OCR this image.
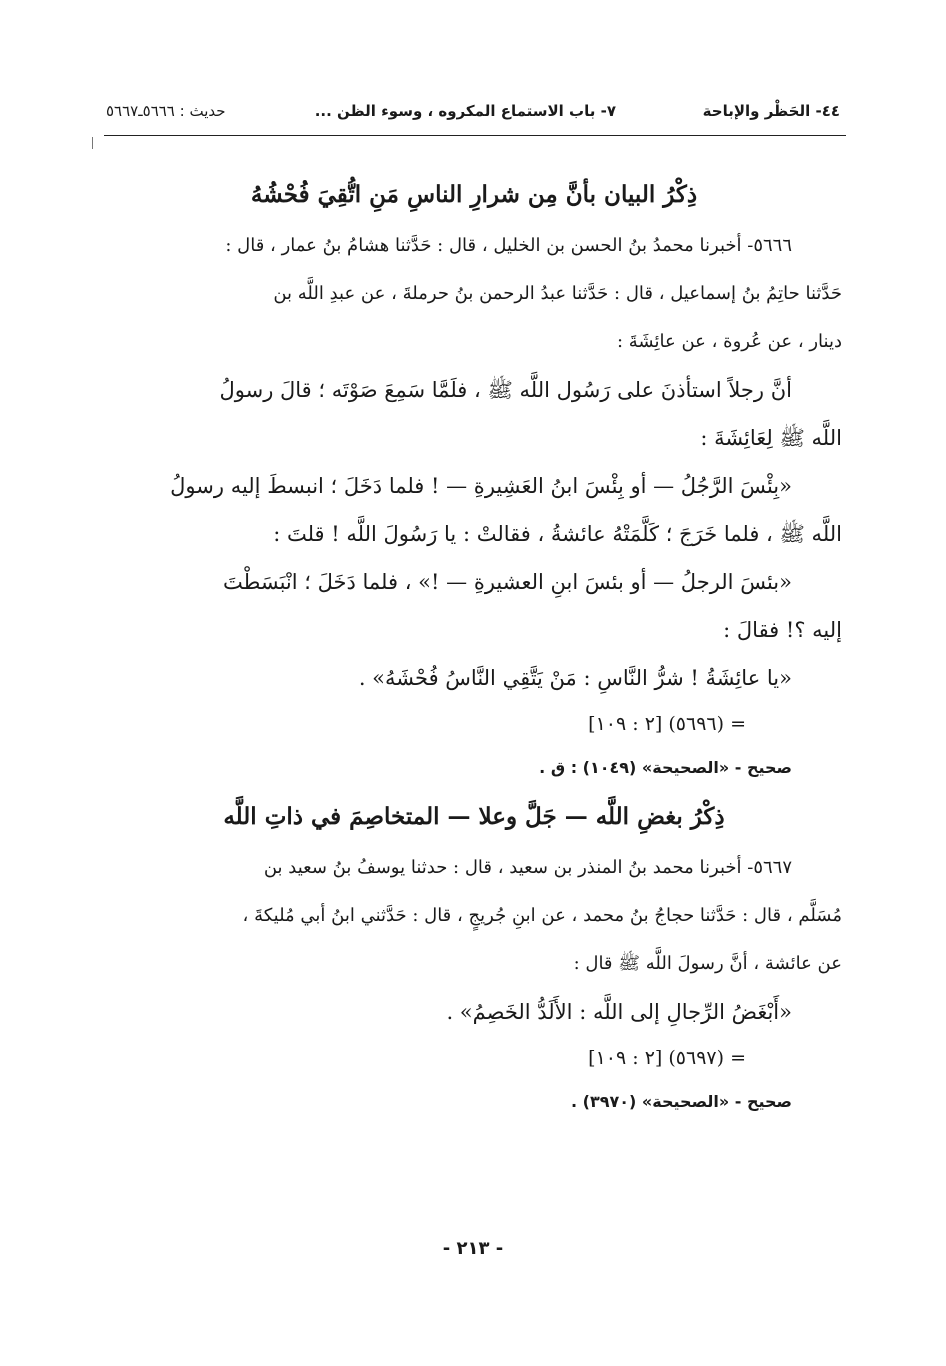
٤٤- الحَظْر والإباحة
٧- باب الاستماع المكروه ، وسوء الظن ...
حديث : ٥٦٦٦ـ٥٦٦٧
ذِكْرُ البيان بأنَّ مِن شرارِ الناسِ مَنِ اتُّقِيَ فُحْشُهُ
٥٦٦٦- أخبرنا محمدُ بنُ الحسن بن الخليل ، قال : حَدَّثنا هشامُ بنُ عمار ، قال :
حَدَّثنا حاتِمُ بنُ إسماعيل ، قال : حَدَّثنا عبدُ الرحمن بنُ حرملةَ ، عن عبدِ اللَّه بن
دينار ، عن عُروة ، عن عائِشَةَ :
أنَّ رجلاً استأذنَ على رَسُول اللَّه ﷺ ، فلَمَّا سَمِعَ صَوْتَه ؛ قالَ رسولُ
اللَّه ﷺ لِعَائِشَةَ :
«بِئْسَ الرَّجُلُ — أو بِئْسَ ابنُ العَشِيرةِ — ! فلما دَخَلَ ؛ انبسطَ إليه رسولُ
اللَّه ﷺ ، فلما خَرَجَ ؛ كَلَّمَتْهُ عائشةُ ، فقالتْ : يا رَسُولَ اللَّه ! قلتَ :
«بئسَ الرجلُ — أو بئسَ ابنِ العشيرةِ — !» ، فلما دَخَلَ ؛ انْبَسَطْتَ
إليه ؟! فقالَ :
«يا عائِشَةُ ! شرُّ النَّاسِ : مَنْ يَتَّقِي النَّاسُ فُحْشَهُ» .
= (٥٦٩٦) [٢ : ١٠٩]
صحيح - «الصحيحة» (١٠٤٩) : ق .
ذِكْرُ بغضِ اللَّه — جَلَّ وعلا — المتخاصِمَ في ذاتِ اللَّه
٥٦٦٧- أخبرنا محمد بنُ المنذر بن سعيد ، قال : حدثنا يوسفُ بنُ سعيد بن
مُسَلَّم ، قال : حَدَّثنا حجاجُ بنُ محمد ، عن ابنِ جُريجٍ ، قال : حَدَّثني ابنُ أبي مُليكةَ ،
عن عائشة ، أنَّ رسولَ اللَّه ﷺ قال :
«أَبْغَضُ الرِّجالِ إلى اللَّه : الأَلَدُّ الخَصِمُ» .
= (٥٦٩٧) [٢ : ١٠٩]
صحيح - «الصحيحة» (٣٩٧٠) .
- ٢١٣ -
